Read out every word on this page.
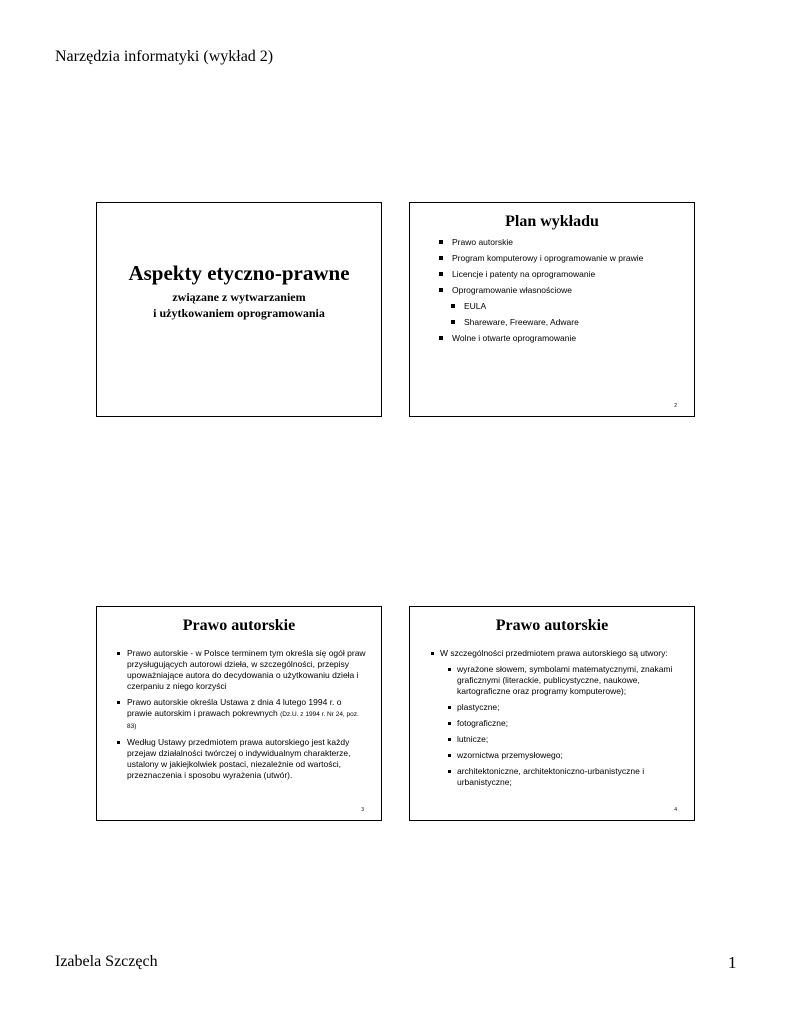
Narzędzia informatyki (wykład 2)
Aspekty etyczno-prawne
związane z wytwarzaniem
i użytkowaniem oprogramowania
Plan wykładu
Prawo autorskie
Program komputerowy i oprogramowanie w prawie
Licencje i patenty na oprogramowanie
Oprogramowanie własnościowe
EULA
Shareware, Freeware, Adware
Wolne i otwarte oprogramowanie
2
Prawo autorskie
Prawo autorskie - w Polsce terminem tym określa się ogół praw przysługujących autorowi dzieła, w szczególności, przepisy upoważniające autora do decydowania o użytkowaniu dzieła i czerpaniu z niego korzyści
Prawo autorskie określa Ustawa z dnia 4 lutego 1994 r. o prawie autorskim i prawach pokrewnych (Dz.U. z 1994 r. Nr 24, poz. 83)
Według Ustawy przedmiotem prawa autorskiego jest każdy przejaw działalności twórczej o indywidualnym charakterze, ustalony w jakiejkolwiek postaci, niezależnie od wartości, przeznaczenia i sposobu wyrażenia (utwór).
3
Prawo autorskie
W szczególności przedmiotem prawa autorskiego są utwory:
wyrażone słowem, symbolami matematycznymi, znakami graficznymi (literackie, publicystyczne, naukowe, kartograficzne oraz programy komputerowe);
plastyczne;
fotograficzne;
lutnicze;
wzornictwa przemysłowego;
architektoniczne, architektoniczno-urbanistyczne i urbanistyczne;
4
Izabela Szczęch	1
